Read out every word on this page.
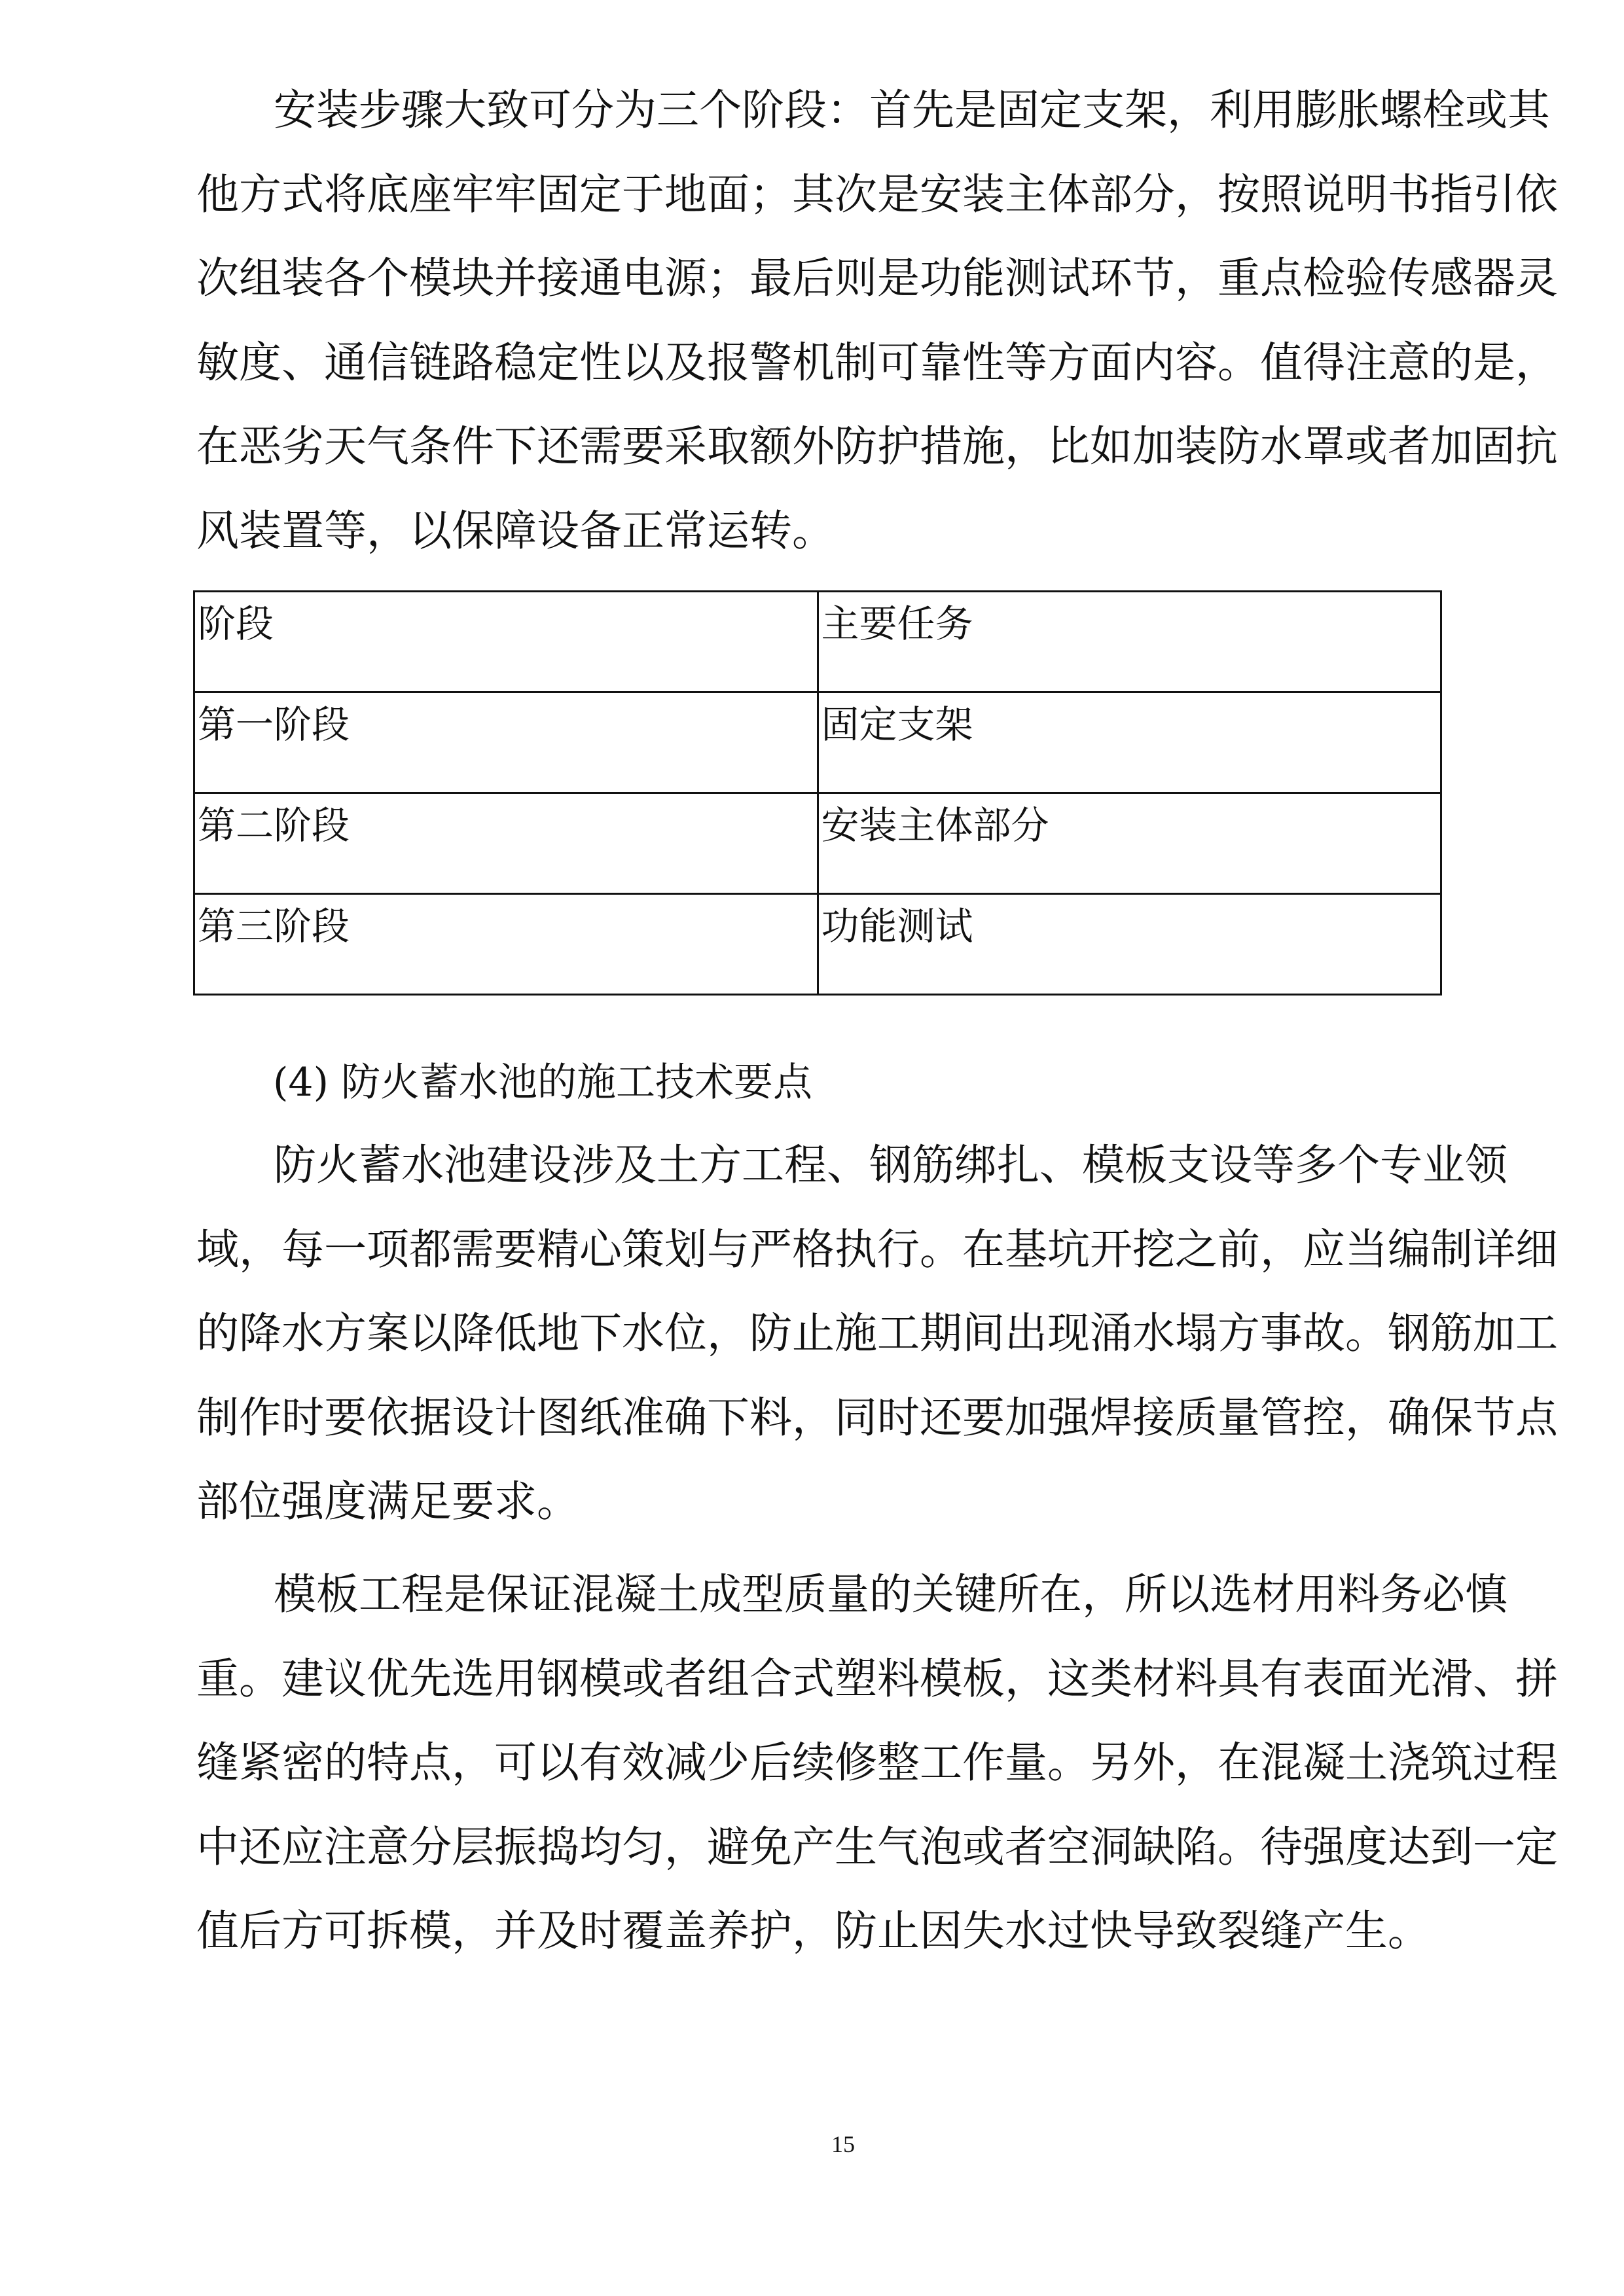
安装步骤大致可分为三个阶段：首先是固定支架，利用膨胀螺栓或其
他方式将底座牢牢固定于地面；其次是安装主体部分，按照说明书指引依
次组装各个模块并接通电源；最后则是功能测试环节，重点检验传感器灵
敏度、通信链路稳定性以及报警机制可靠性等方面内容。值得注意的是，
在恶劣天气条件下还需要采取额外防护措施，比如加装防水罩或者加固抗
风装置等，以保障设备正常运转。
阶段	主要任务
第一阶段	固定支架
第二阶段	安装主体部分
第三阶段	功能测试
(4) 防火蓄水池的施工技术要点
防火蓄水池建设涉及土方工程、钢筋绑扎、模板支设等多个专业领
域，每一项都需要精心策划与严格执行。在基坑开挖之前，应当编制详细
的降水方案以降低地下水位，防止施工期间出现涌水塌方事故。钢筋加工
制作时要依据设计图纸准确下料，同时还要加强焊接质量管控，确保节点
部位强度满足要求。
模板工程是保证混凝土成型质量的关键所在，所以选材用料务必慎
重。建议优先选用钢模或者组合式塑料模板，这类材料具有表面光滑、拼
缝紧密的特点，可以有效减少后续修整工作量。另外，在混凝土浇筑过程
中还应注意分层振捣均匀，避免产生气泡或者空洞缺陷。待强度达到一定
值后方可拆模，并及时覆盖养护，防止因失水过快导致裂缝产生。
15
